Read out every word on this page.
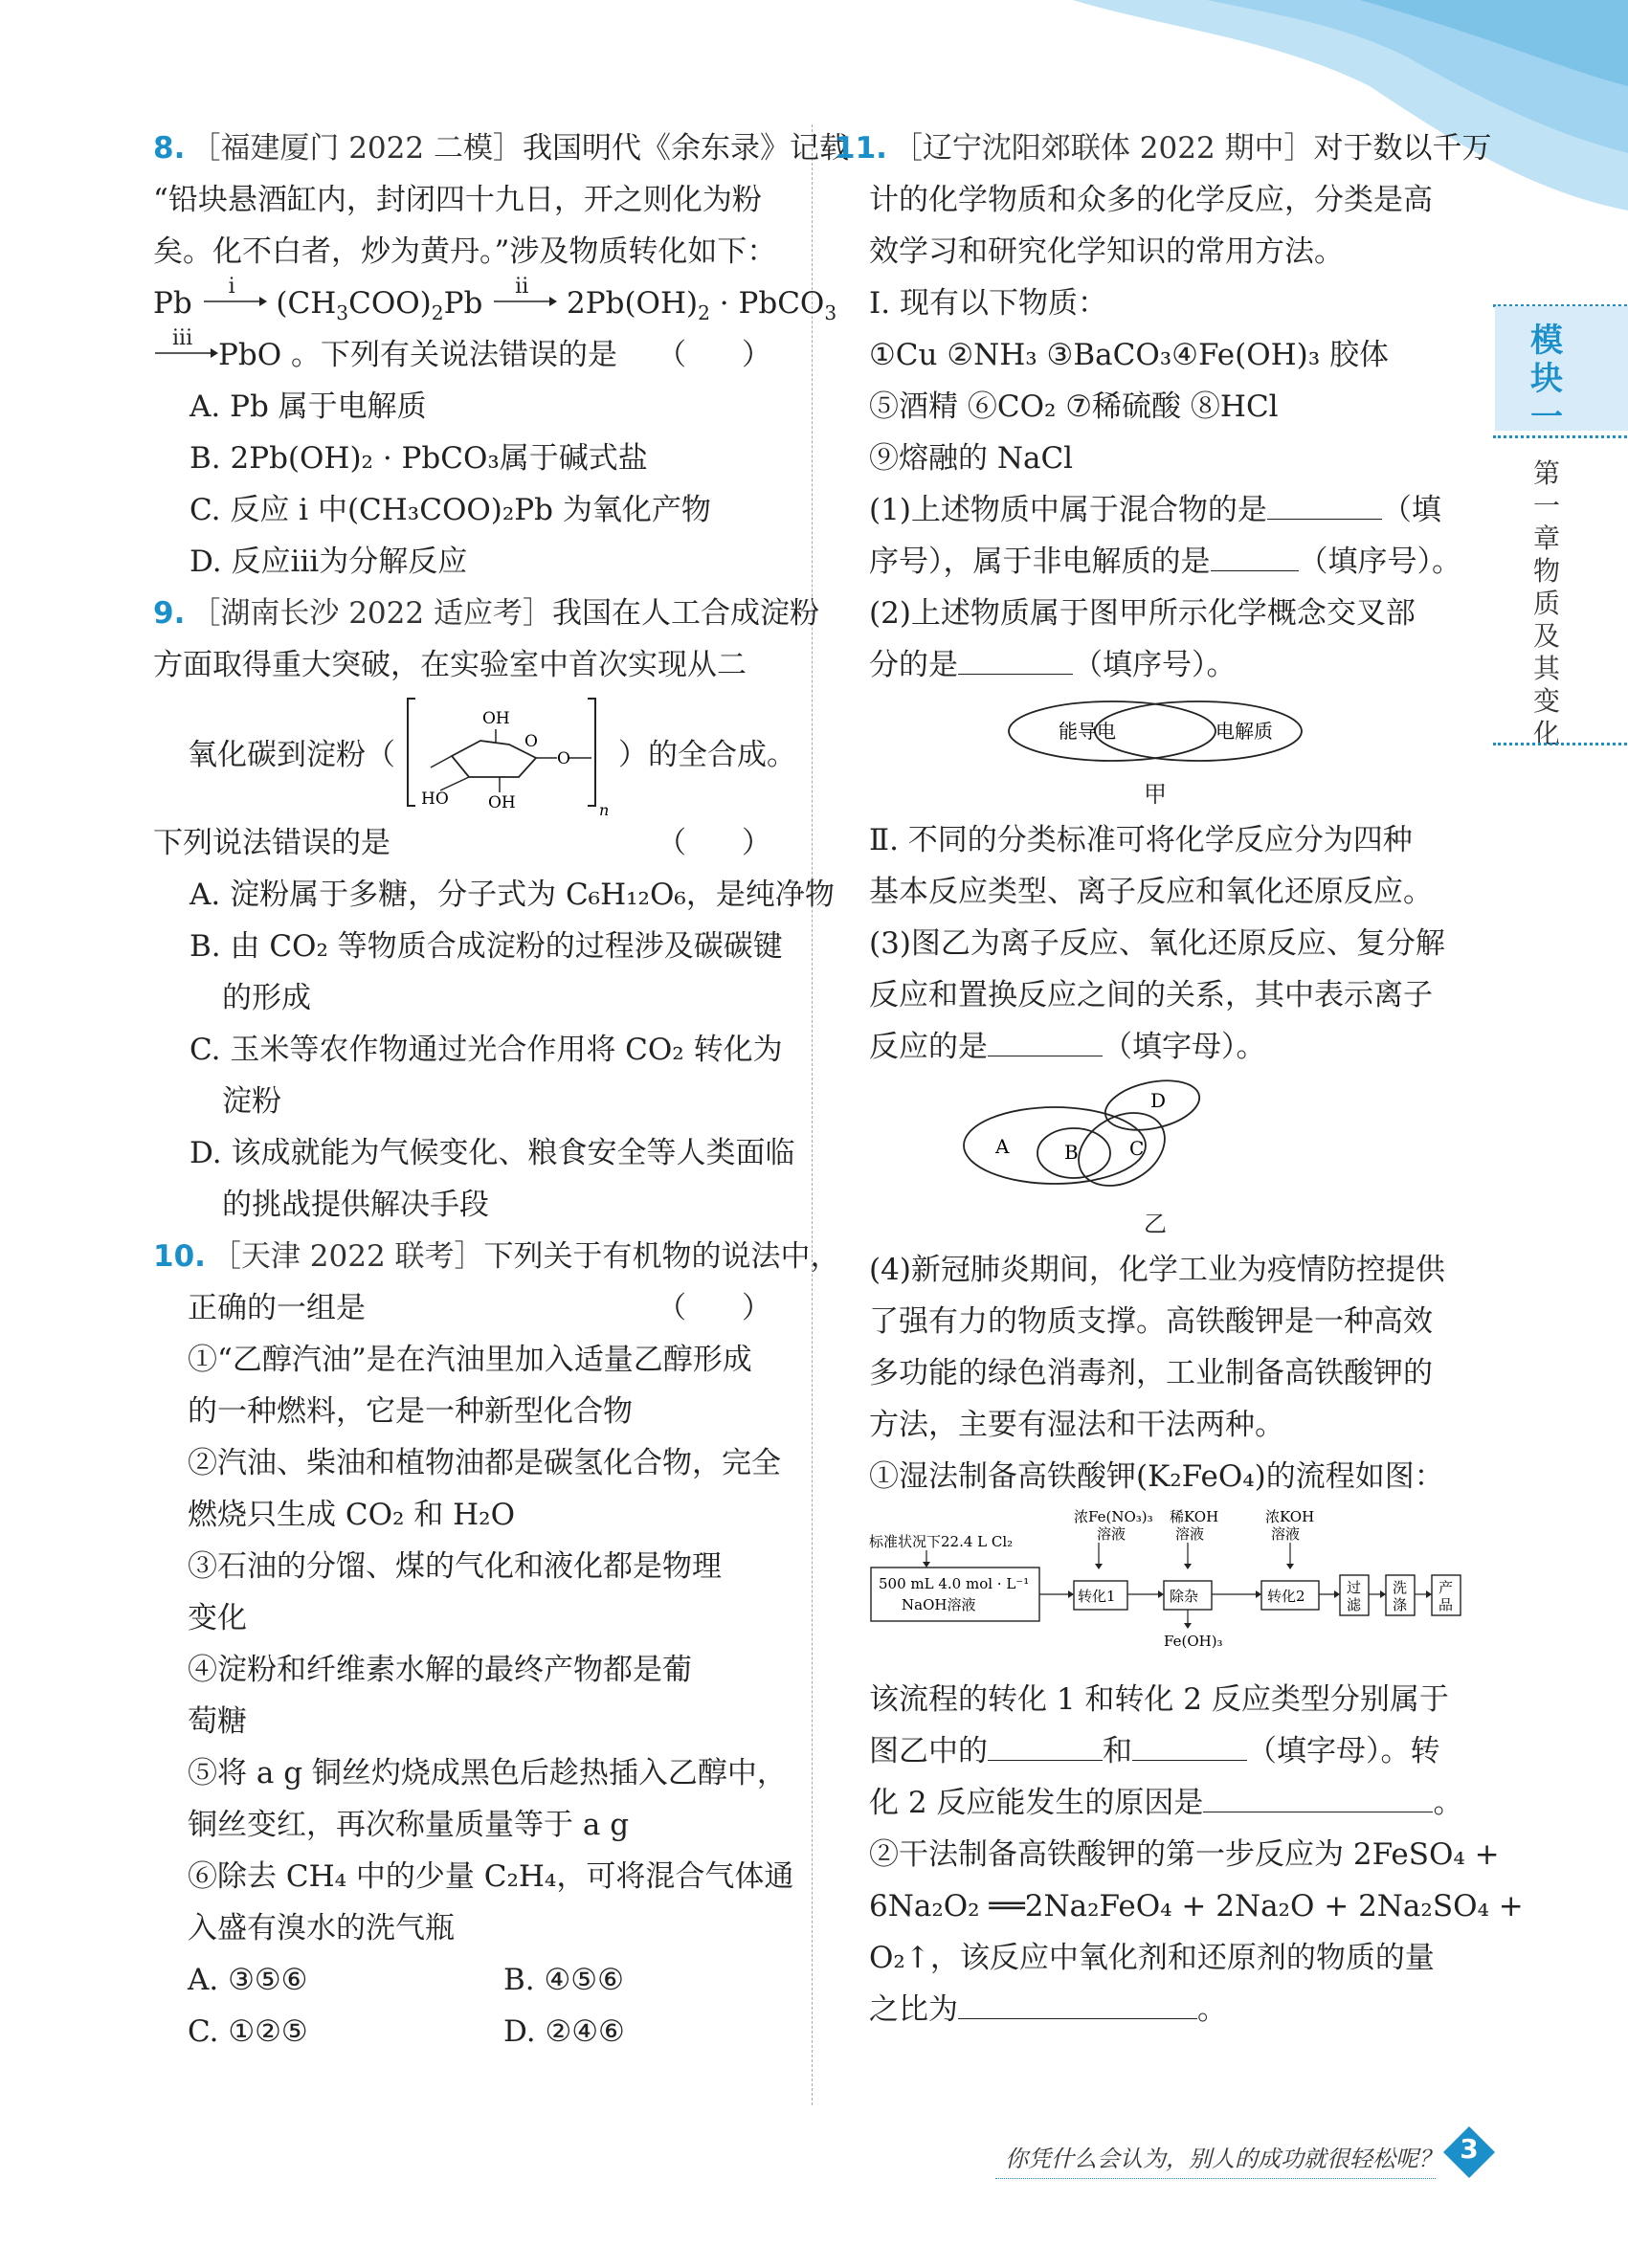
模块一
第一章 物质及其变化
8. ［福建厦门 2022 二模］我国明代《余东录》记载
“铅块悬酒缸内，封闭四十九日，开之则化为粉
矣。化不白者，炒为黄丹。”涉及物质转化如下：
Pb i $(CH_3COO)_2Pb$ ii $2Pb(OH)_2$ · PbCO$_3$
iii PbO 。下列有关说法错误的是 （ ）
A. Pb 属于电解质
B. 2Pb(OH)₂ · PbCO₃属于碱式盐
C. 反应 ⅰ 中(CH₃COO)₂Pb 为氧化产物
D. 反应ⅲ为分解反应
9. ［湖南长沙 2022 适应考］我国在人工合成淀粉
方面取得重大突破，在实验室中首次实现从二
氧化碳到淀粉（
OH
O
HO OH
O
n
）的全合成。
下列说法错误的是	（ ）
A. 淀粉属于多糖，分子式为 C₆H₁₂O₆，是纯净物
B. 由 CO₂ 等物质合成淀粉的过程涉及碳碳键
的形成
C. 玉米等农作物通过光合作用将 CO₂ 转化为
淀粉
D. 该成就能为气候变化、粮食安全等人类面临
的挑战提供解决手段
10. ［天津 2022 联考］下列关于有机物的说法中，
正确的一组是	（ ）
①“乙醇汽油”是在汽油里加入适量乙醇形成
的一种燃料，它是一种新型化合物
②汽油、柴油和植物油都是碳氢化合物，完全
燃烧只生成 CO₂ 和 H₂O
③石油的分馏、煤的气化和液化都是物理
变化
④淀粉和纤维素水解的最终产物都是葡
萄糖
⑤将 a g 铜丝灼烧成黑色后趁热插入乙醇中，
铜丝变红，再次称量质量等于 a g
⑥除去 CH₄ 中的少量 C₂H₄，可将混合气体通
入盛有溴水的洗气瓶
A. ③⑤⑥	B. ④⑤⑥
C. ①②⑤	D. ②④⑥
11. ［辽宁沈阳郊联体 2022 期中］对于数以千万
计的化学物质和众多的化学反应，分类是高
效学习和研究化学知识的常用方法。
Ⅰ. 现有以下物质：
①Cu ②NH₃ ③BaCO₃④Fe(OH)₃ 胶体
⑤酒精 ⑥CO₂ ⑦稀硫酸 ⑧HCl
⑨熔融的 NaCl
(1)上述物质中属于混合物的是	（填
序号），属于非电解质的是	（填序号）。
(2)上述物质属于图甲所示化学概念交叉部
分的是	（填序号）。
能导电	电解质
甲
Ⅱ. 不同的分类标准可将化学反应分为四种
基本反应类型、离子反应和氧化还原反应。
(3)图乙为离子反应、氧化还原反应、复分解
反应和置换反应之间的关系，其中表示离子
反应的是	（填字母）。
A	B	C
D
乙
(4)新冠肺炎期间，化学工业为疫情防控提供
了强有力的物质支撑。高铁酸钾是一种高效
多功能的绿色消毒剂，工业制备高铁酸钾的
方法，主要有湿法和干法两种。
①湿法制备高铁酸钾(K₂FeO₄)的流程如图：
浓Fe(NO₃)₃
溶液
稀KOH
溶液
浓KOH
溶液
标准状况下22.4 L Cl₂
500 mL 4.0 mol · L⁻¹
NaOH溶液	转化1	除杂
Fe(OH)₃
转化2	过
滤
洗
涤
产
品
该流程的转化 1 和转化 2 反应类型分别属于
图乙中的	和	（填字母）。转
化 2 反应能发生的原因是	。
②干法制备高铁酸钾的第一步反应为 2FeSO₄ +
6Na₂O₂ ══2Na₂FeO₄ + 2Na₂O + 2Na₂SO₄ +
O₂↑，该反应中氧化剂和还原剂的物质的量
之比为	。
你凭什么会认为，别人的成功就很轻松呢？ 3
